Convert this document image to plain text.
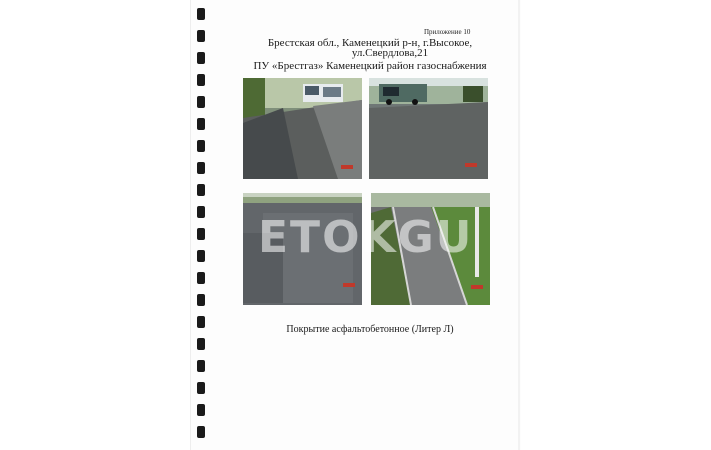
Приложение 10
Брестская обл., Каменецкий р-н, г.Высокое,
ул.Свердлова,21
ПУ «Брестгаз» Каменецкий район газоснабжения
ETOKGU
Покрытие асфальтобетонное (Литер Л)
